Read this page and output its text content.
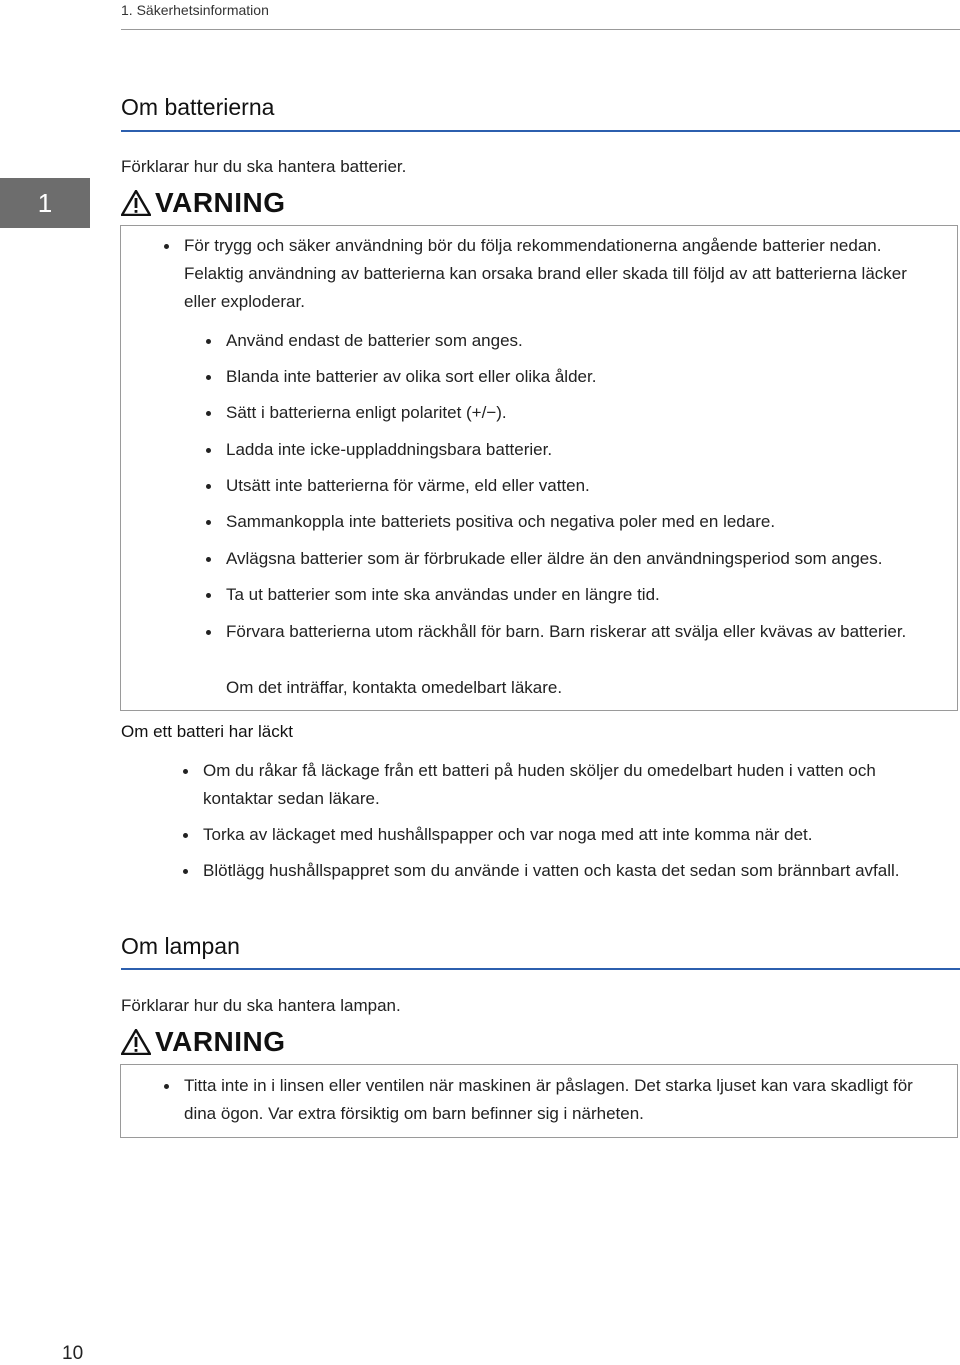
1. Säkerhetsinformation
1
Om batterierna
Förklarar hur du ska hantera batterier.
VARNING
För trygg och säker användning bör du följa rekommendationerna angående batterier nedan. Felaktig användning av batterierna kan orsaka brand eller skada till följd av att batterierna läcker eller exploderar.
Använd endast de batterier som anges.
Blanda inte batterier av olika sort eller olika ålder.
Sätt i batterierna enligt polaritet (+/−).
Ladda inte icke-uppladdningsbara batterier.
Utsätt inte batterierna för värme, eld eller vatten.
Sammankoppla inte batteriets positiva och negativa poler med en ledare.
Avlägsna batterier som är förbrukade eller äldre än den användningsperiod som anges.
Ta ut batterier som inte ska användas under en längre tid.
Förvara batterierna utom räckhåll för barn. Barn riskerar att svälja eller kvävas av batterier.
Om det inträffar, kontakta omedelbart läkare.
Om ett batteri har läckt
Om du råkar få läckage från ett batteri på huden sköljer du omedelbart huden i vatten och kontaktar sedan läkare.
Torka av läckaget med hushållspapper och var noga med att inte komma när det.
Blötlägg hushållspappret som du använde i vatten och kasta det sedan som brännbart avfall.
Om lampan
Förklarar hur du ska hantera lampan.
VARNING
Titta inte in i linsen eller ventilen när maskinen är påslagen. Det starka ljuset kan vara skadligt för dina ögon. Var extra försiktig om barn befinner sig i närheten.
10
